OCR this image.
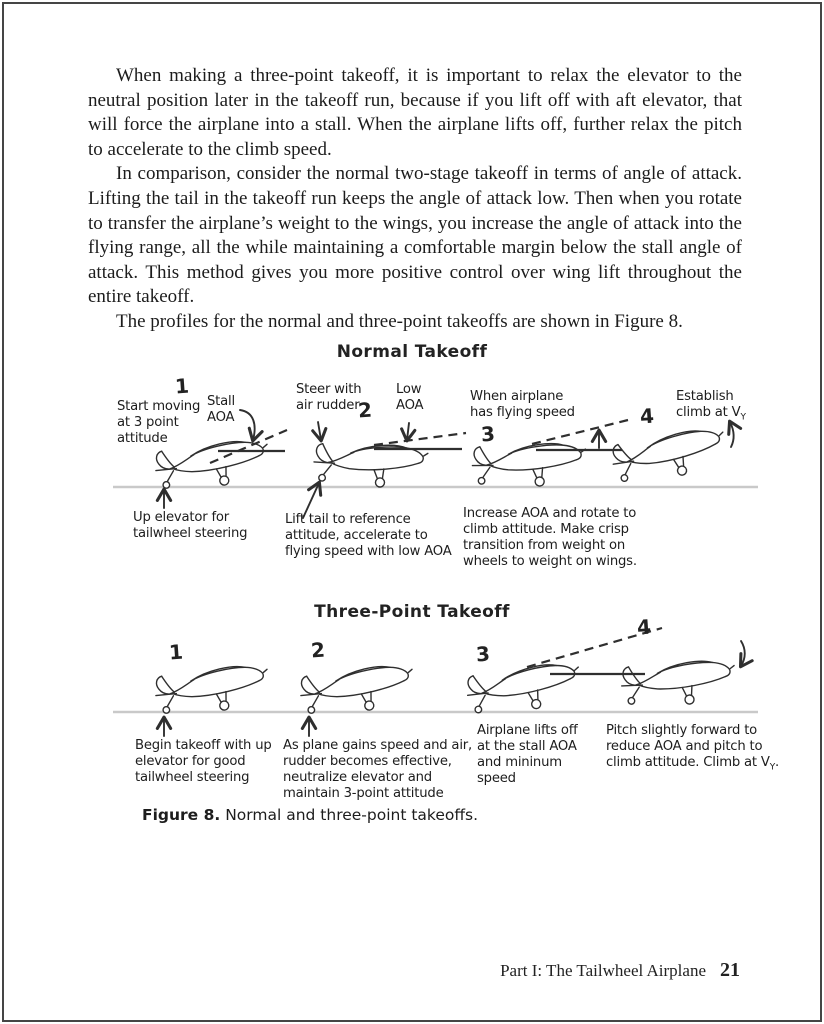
When making a three-point takeoff, it is important to relax the elevator to the neutral position later in the takeoff run, because if you lift off with aft elevator, that will force the airplane into a stall. When the airplane lifts off, further relax the pitch to accelerate to the climb speed.

In comparison, consider the normal two-stage takeoff in terms of angle of attack. Lifting the tail in the takeoff run keeps the angle of attack low. Then when you rotate to transfer the airplane’s weight to the wings, you increase the angle of attack into the flying range, all the while maintaining a comfortable margin below the stall angle of attack. This method gives you more positive control over wing lift throughout the entire takeoff.

The profiles for the normal and three-point takeoffs are shown in Figure 8.

Normal Takeoff
Three-Point Takeoff
1
2
3
4
1	2	3
4
Start moving at 3 point attitude
Stall AOA
Steer with air rudder
Low AOA
When airplane has flying speed
Establish climb at $V_Y$
Up elevator for tailwheel steering
Lift tail to reference attitude, accelerate to flying speed with low AOA
Increase AOA and rotate to climb attitude. Make crisp transition from weight on wheels to weight on wings.
Begin takeoff with up elevator for good tailwheel steering
As plane gains speed and air, rudder becomes effective, neutralize elevator and maintain 3-point attitude
Airplane lifts off at the stall AOA and mininum speed
Pitch slightly forward to reduce AOA and pitch to climb attitude. Climb at $V_Y$.
Figure 8. Normal and three-point takeoffs.
Part I: The Tailwheel Airplane 21
